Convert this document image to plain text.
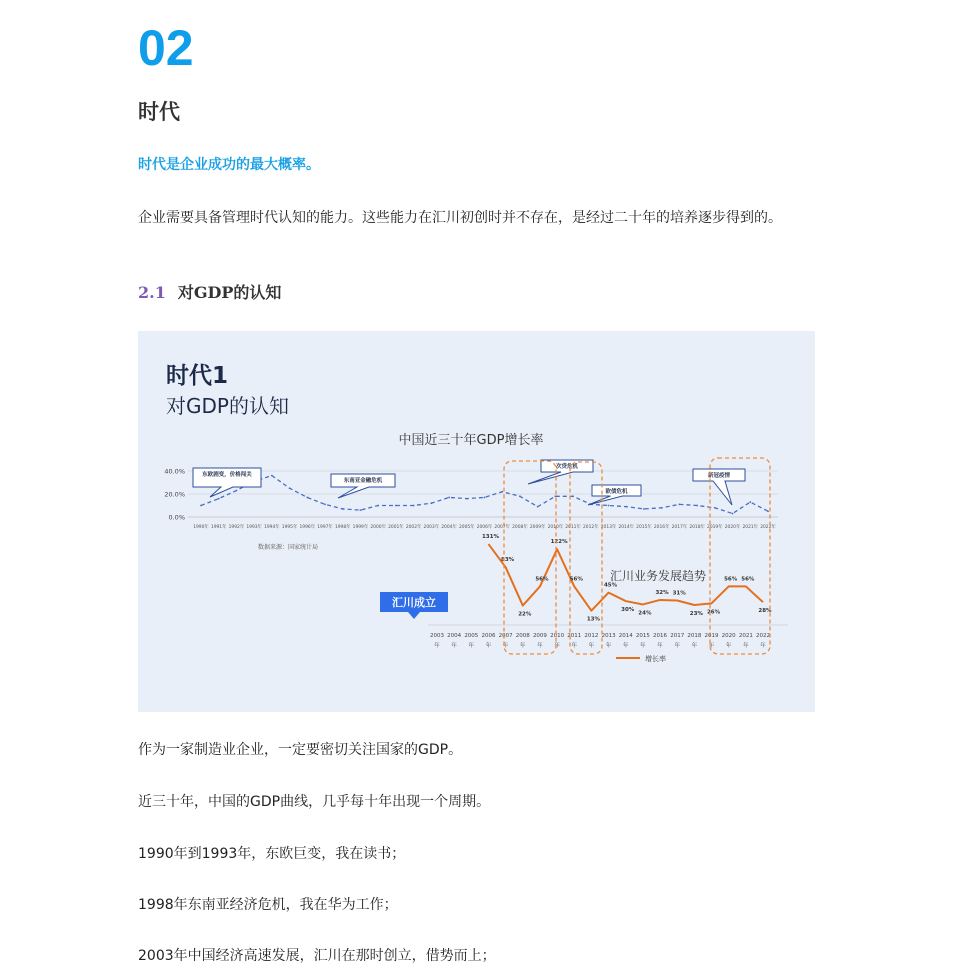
02
时代
时代是企业成功的最大概率。
企业需要具备管理时代认知的能力。这些能力在汇川初创时并不存在，是经过二十年的培养逐步得到的。
2.1 对GDP的认知
时代1
对GDP的认知
中国近三十年GDP增长率
数据来源：国家统计局
汇川业务发展趋势
40.0%
20.0%
0.0%
1990年 1991年 1992年 1993年 1994年 1995年 1996年 1997年 1998年 1999年 2000年 2001年 2002年 2003年 2004年 2005年 2006年 2007年 2008年 2009年 2010年 2011年 2012年 2013年 2014年 2015年 2016年 2017年 2018年 2019年 2020年 2021年 2022年
东欧剧变，价格闯关
东南亚金融危机
次贷危机
欧债危机
新冠疫情
2003
年
2004
年
2005
年
2006
年
2007
年
2008
年
2009
年
2010
年
2011
年
2012
年
2013
年
2014
年
2015
年
2016
年
2017
年
2018
年
2019
年
2020
年
2021
年
2022
年
131%
83%
22%
56%
122%
56%
13%
45%
30%
24%
32% 31%
23% 26%
56% 56%
28%
汇川成立
增长率
作为一家制造业企业，一定要密切关注国家的GDP。
近三十年，中国的GDP曲线，几乎每十年出现一个周期。
1990年到1993年，东欧巨变，我在读书；
1998年东南亚经济危机，我在华为工作；
2003年中国经济高速发展，汇川在那时创立，借势而上；
